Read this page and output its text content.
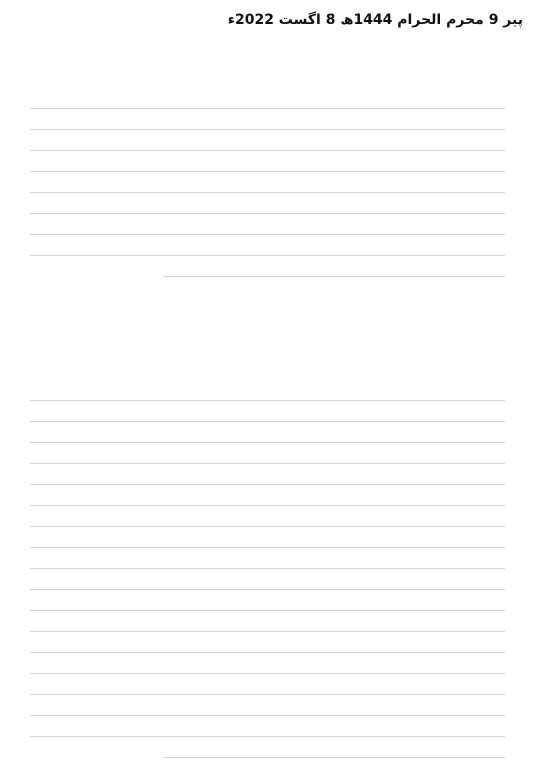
پیر 9 محرم الحرام 1444ھ 8 اگست 2022ء
